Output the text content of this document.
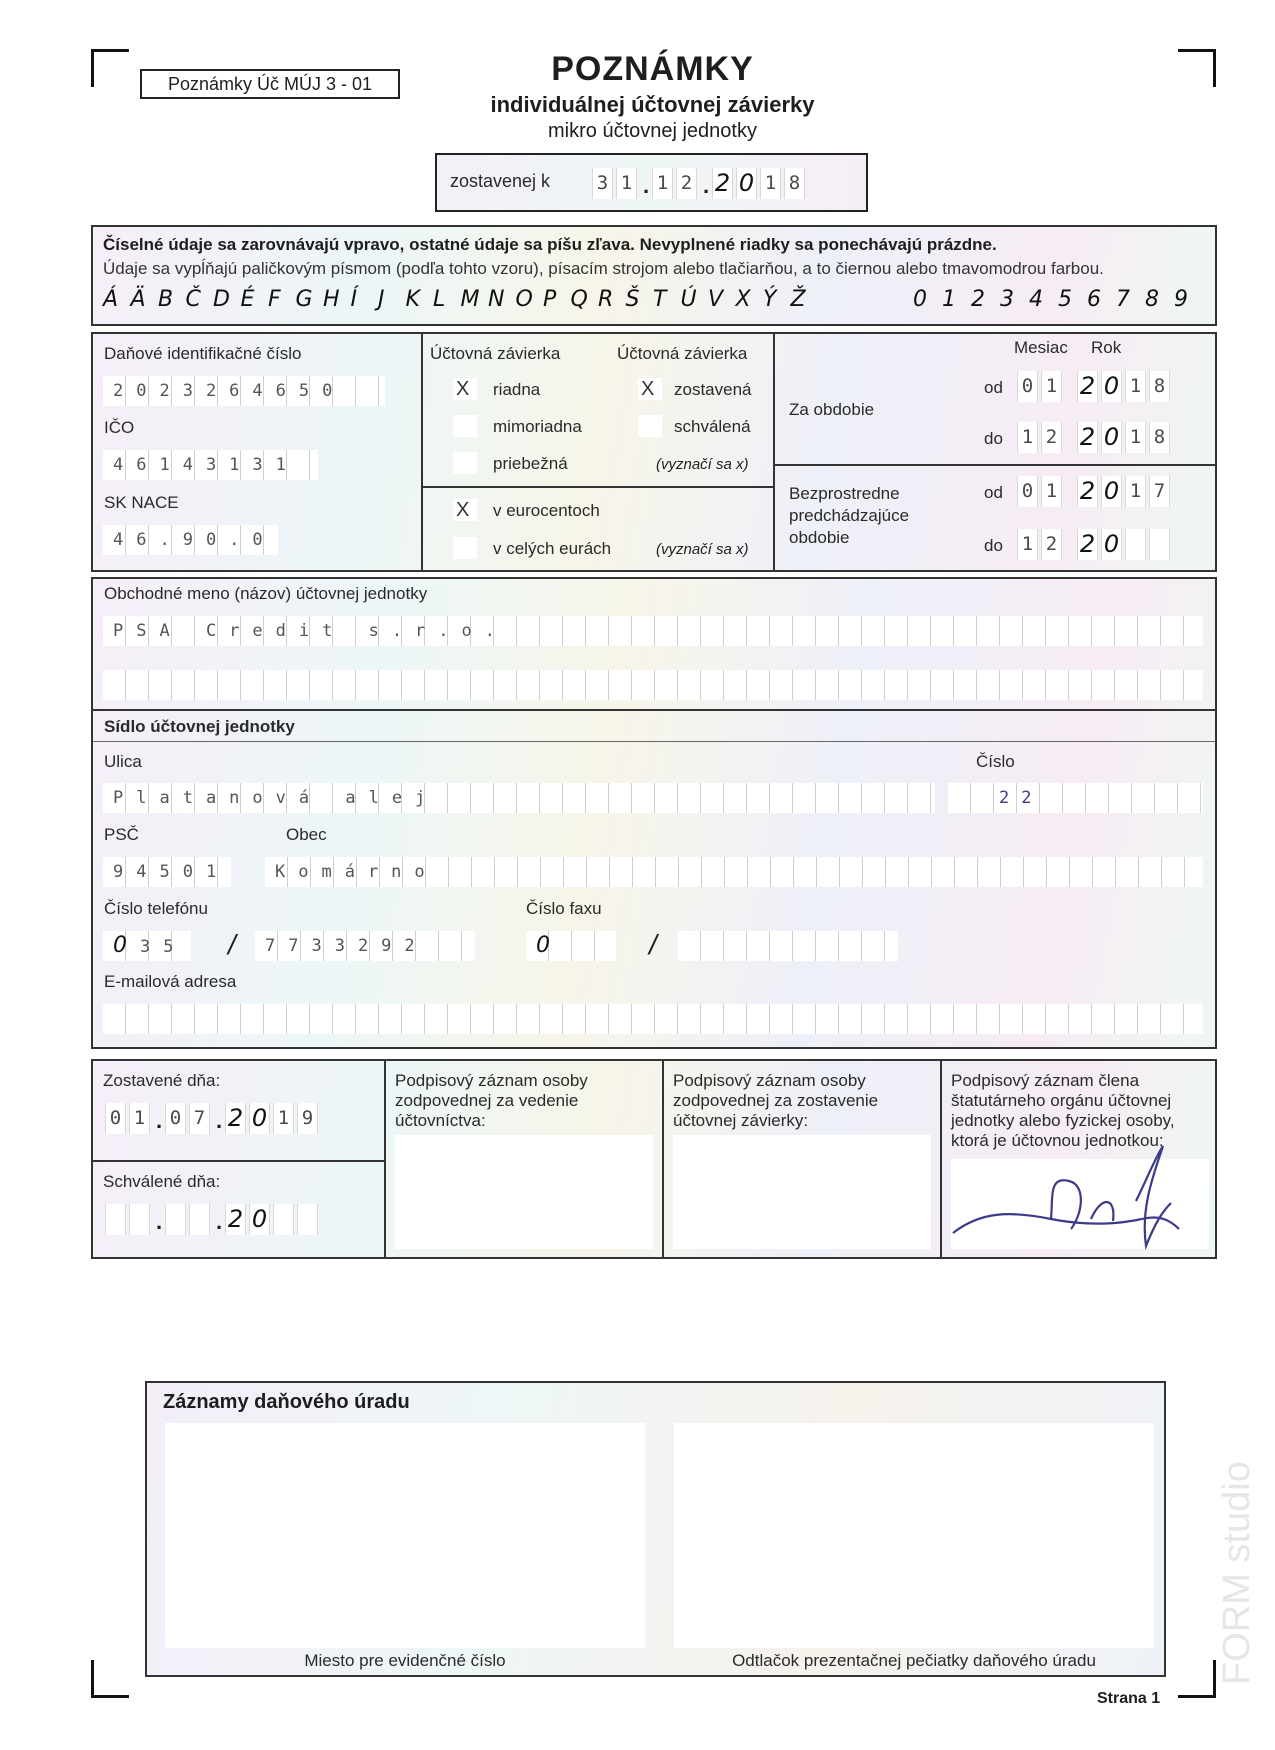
Poznámky Úč MÚJ 3 - 01	POZNÁMKY
individuálnej účtovnej závierky
mikro účtovnej jednotky
zostavenej k 3 1 . 1 2 . 2 0 1 8
Číselné údaje sa zarovnávajú vpravo, ostatné údaje sa píšu zľava. Nevyplnené riadky sa ponechávajú prázdne.
Údaje sa vypĺňajú paličkovým písmom (podľa tohto vzoru), písacím strojom alebo tlačiarňou, a to čiernou alebo tmavomodrou farbou.
Á Ä B Č D É F G H Í J K L M N O P Q R Š T Ú V X Ý Ž	0 1 2 3 4 5 6 7 8 9
Daňové identifikačné číslo
2023264650
IČO
46143131
SK NACE
46.90.0
Účtovná závierka	Účtovná závierka
X	riadna
mimoriadna
priebežná
X	zostavená
schválená
(vyznačí sa x)
X	v eurocentoch
v celých eurách	(vyznačí sa x)
Mesiac Rok
Za obdobie
od 0 1 2 0 1 8
do 1 2 2 0 1 8
Bezprostredne
predchádzajúce
obdobie
od 0 1 2 0 1 7
do 1 2 2 0
Obchodné meno (názov) účtovnej jednotky
PSA Credit s.r.o.
Sídlo účtovnej jednotky
Ulica
Platanová alej
Číslo
22
PSČ	Obec
94501	Komárno
Číslo telefónu	Číslo faxu
035 /	7733292	0	/
E-mailová adresa
Zostavené dňa:
0 1 . 0 7 . 2 0 1 9
Schválené dňa:
. . 2 0
Podpisový záznam osoby zodpovednej za vedenie účtovníctva:
Podpisový záznam osoby zodpovednej za zostavenie účtovnej závierky:
Podpisový záznam člena štatutárneho orgánu účtovnej jednotky alebo fyzickej osoby, ktorá je účtovnou jednotkou:
Záznamy daňového úradu
Miesto pre evidenčné číslo	Odtlačok prezentačnej pečiatky daňového úradu
Strana 1
FORM studio
